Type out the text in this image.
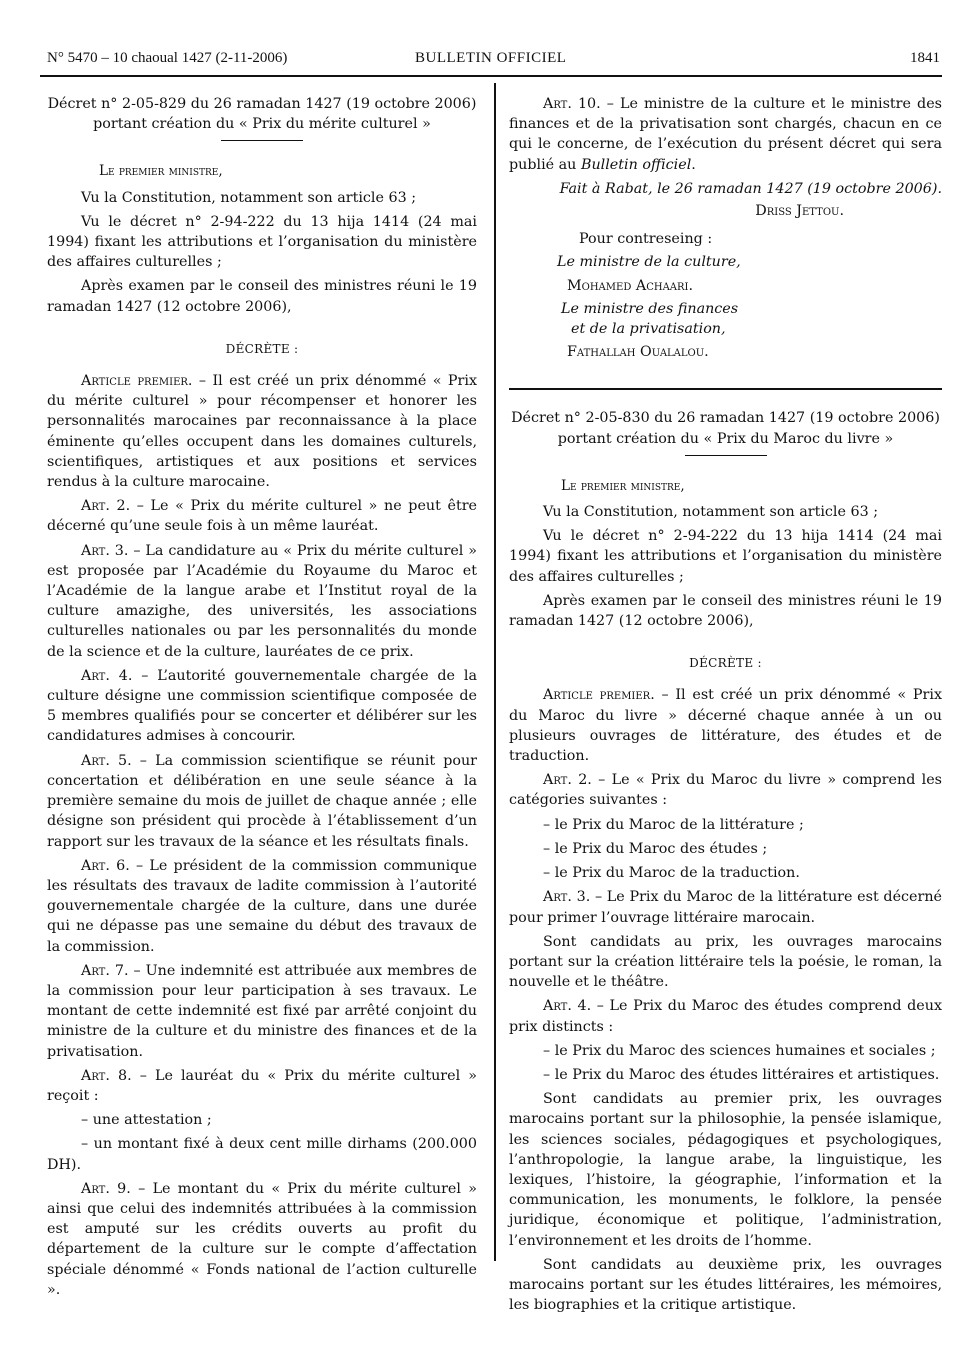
N° 5470 – 10 chaoual 1427 (2-11-2006)	BULLETIN OFFICIEL	1841

Décret n° 2-05-829 du 26 ramadan 1427 (19 octobre 2006)

portant création du « Prix du mérite culturel »

Le premier ministre,

Vu la Constitution, notamment son article 63 ;

Vu le décret n° 2-94-222 du 13 hija 1414 (24 mai 1994) fixant les attributions et l’organisation du ministère des affaires culturelles ;

Après examen par le conseil des ministres réuni le 19 ramadan 1427 (12 octobre 2006),

DÉCRÈTE :

Article premier. – Il est créé un prix dénommé « Prix du mérite culturel » pour récompenser et honorer les personnalités marocaines par reconnaissance à la place éminente qu’elles occupent dans les domaines culturels, scientifiques, artistiques et aux positions et services rendus à la culture marocaine.

Art. 2. – Le « Prix du mérite culturel » ne peut être décerné qu’une seule fois à un même lauréat.

Art. 3. – La candidature au « Prix du mérite culturel » est proposée par l’Académie du Royaume du Maroc et l’Académie de la langue arabe et l’Institut royal de la culture amazighe, des universités, les associations culturelles nationales ou par les personnalités du monde de la science et de la culture, lauréates de ce prix.

Art. 4. – L’autorité gouvernementale chargée de la culture désigne une commission scientifique composée de 5 membres qualifiés pour se concerter et délibérer sur les candidatures admises à concourir.

Art. 5. – La commission scientifique se réunit pour concertation et délibération en une seule séance à la première semaine du mois de juillet de chaque année ; elle désigne son président qui procède à l’établissement d’un rapport sur les travaux de la séance et les résultats finals.

Art. 6. – Le président de la commission communique les résultats des travaux de ladite commission à l’autorité gouvernementale chargée de la culture, dans une durée qui ne dépasse pas une semaine du début des travaux de la commission.

Art. 7. – Une indemnité est attribuée aux membres de la commission pour leur participation à ses travaux. Le montant de cette indemnité est fixé par arrêté conjoint du ministre de la culture et du ministre des finances et de la privatisation.

Art. 8. – Le lauréat du « Prix du mérite culturel » reçoit :

– une attestation ;

– un montant fixé à deux cent mille dirhams (200.000 DH).

Art. 9. – Le montant du « Prix du mérite culturel » ainsi que celui des indemnités attribuées à la commission est amputé sur les crédits ouverts au profit du département de la culture sur le compte d’affectation spéciale dénommé « Fonds national de l’action culturelle ».

Art. 10. – Le ministre de la culture et le ministre des finances et de la privatisation sont chargés, chacun en ce qui le concerne, de l’exécution du présent décret qui sera publié au Bulletin officiel.

Fait à Rabat, le 26 ramadan 1427 (19 octobre 2006).

Driss Jettou.

Pour contreseing :

Le ministre de la culture,

Mohamed Achaari.

Le ministre des finances

et de la privatisation,

Fathallah Oualalou.

Décret n° 2-05-830 du 26 ramadan 1427 (19 octobre 2006)

portant création du « Prix du Maroc du livre »

Le premier ministre,

Vu la Constitution, notamment son article 63 ;

Vu le décret n° 2-94-222 du 13 hija 1414 (24 mai 1994) fixant les attributions et l’organisation du ministère des affaires culturelles ;

Après examen par le conseil des ministres réuni le 19 ramadan 1427 (12 octobre 2006),

DÉCRÈTE :

Article premier. – Il est créé un prix dénommé « Prix du Maroc du livre » décerné chaque année à un ou plusieurs ouvrages de littérature, des études et de traduction.

Art. 2. – Le « Prix du Maroc du livre » comprend les catégories suivantes :

– le Prix du Maroc de la littérature ;

– le Prix du Maroc des études ;

– le Prix du Maroc de la traduction.

Art. 3. – Le Prix du Maroc de la littérature est décerné pour primer l’ouvrage littéraire marocain.

Sont candidats au prix, les ouvrages marocains portant sur la création littéraire tels la poésie, le roman, la nouvelle et le théâtre.

Art. 4. – Le Prix du Maroc des études comprend deux prix distincts :

– le Prix du Maroc des sciences humaines et sociales ;

– le Prix du Maroc des études littéraires et artistiques.

Sont candidats au premier prix, les ouvrages marocains portant sur la philosophie, la pensée islamique, les sciences sociales, pédagogiques et psychologiques, l’anthropologie, la langue arabe, la linguistique, les lexiques, l’histoire, la géographie, l’information et la communication, les monuments, le folklore, la pensée juridique, économique et politique, l’administration, l’environnement et les droits de l’homme.

Sont candidats au deuxième prix, les ouvrages marocains portant sur les études littéraires, les mémoires, les biographies et la critique artistique.
